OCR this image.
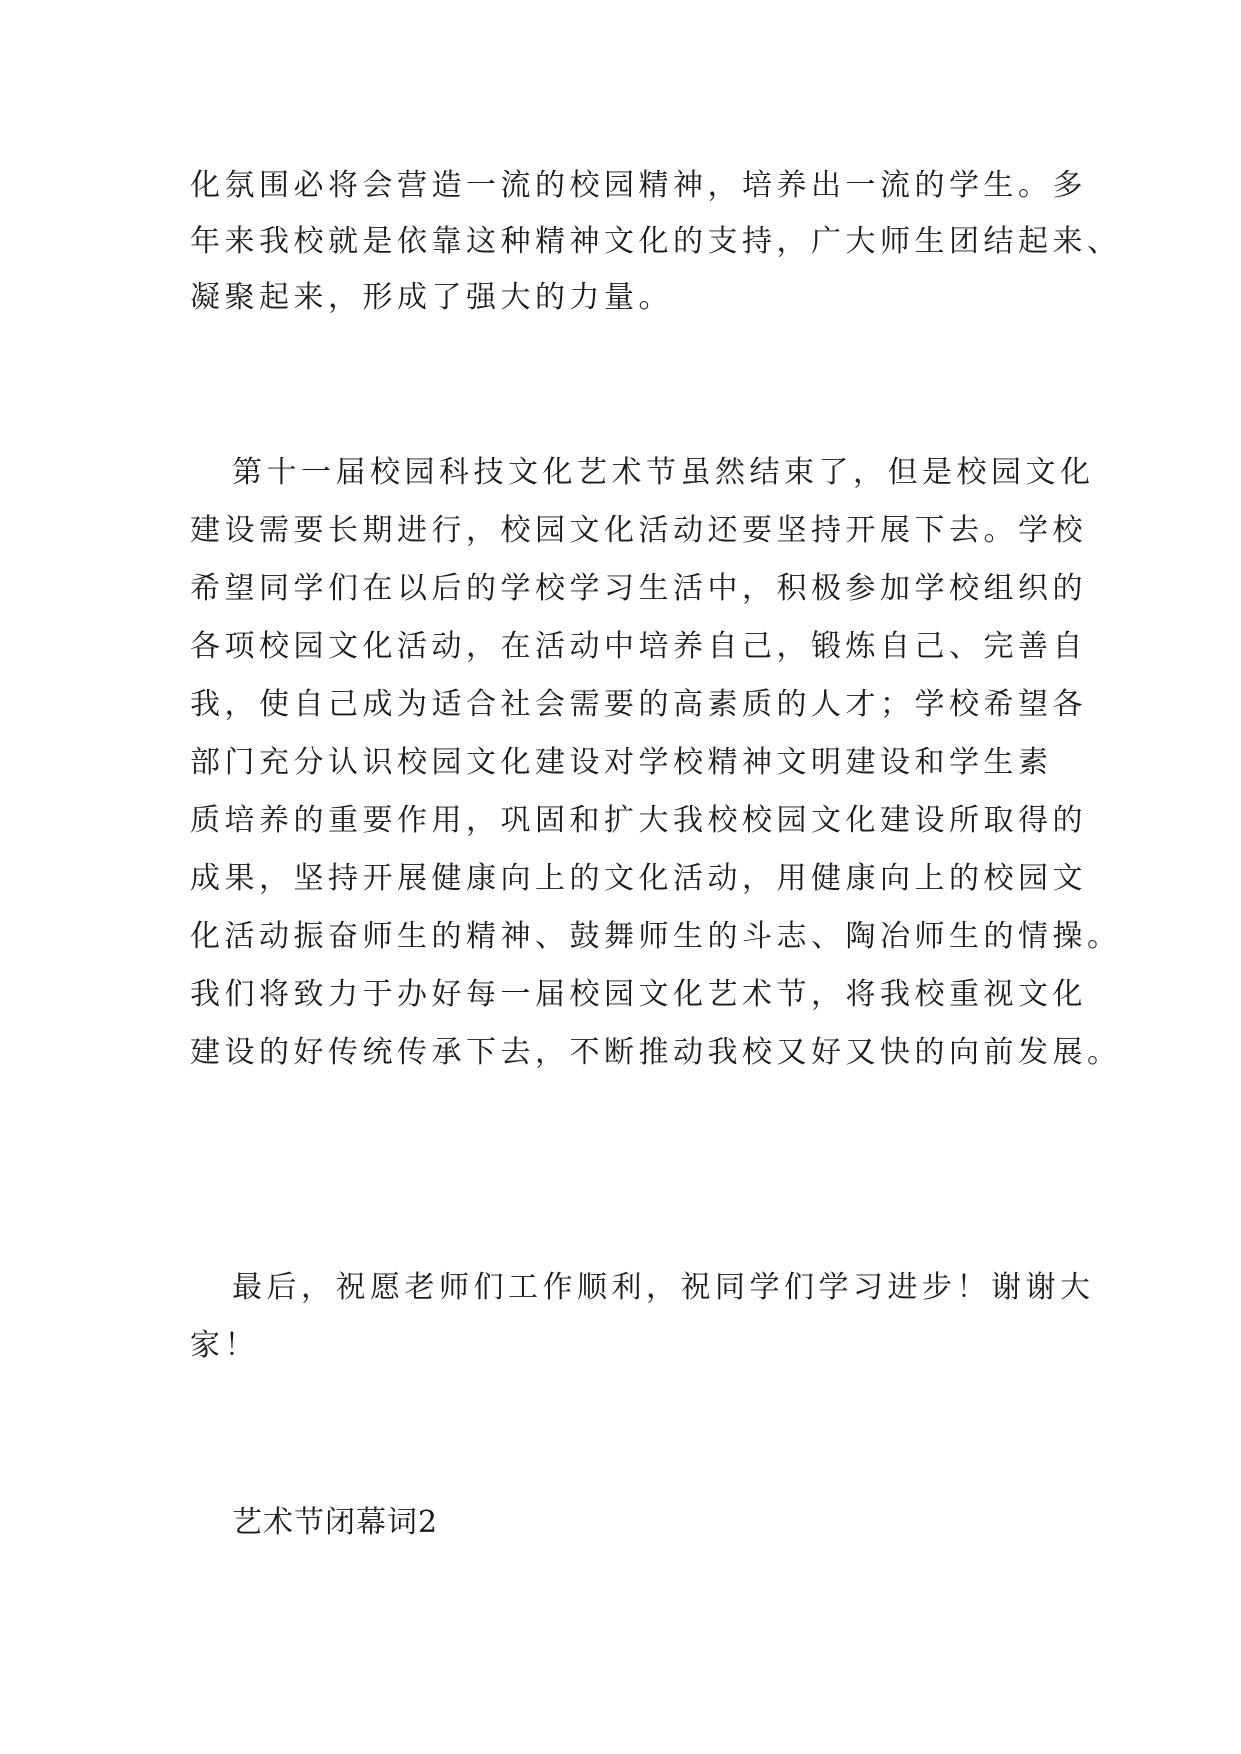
化氛围必将会营造一流的校园精神，培养出一流的学生。多
年来我校就是依靠这种精神文化的支持，广大师生团结起来、
凝聚起来，形成了强大的力量。
第十一届校园科技文化艺术节虽然结束了，但是校园文化
建设需要长期进行，校园文化活动还要坚持开展下去。学校
希望同学们在以后的学校学习生活中，积极参加学校组织的
各项校园文化活动，在活动中培养自己，锻炼自己、完善自
我，使自己成为适合社会需要的高素质的人才；学校希望各
部门充分认识校园文化建设对学校精神文明建设和学生素
质培养的重要作用，巩固和扩大我校校园文化建设所取得的
成果，坚持开展健康向上的文化活动，用健康向上的校园文
化活动振奋师生的精神、鼓舞师生的斗志、陶冶师生的情操。
我们将致力于办好每一届校园文化艺术节，将我校重视文化
建设的好传统传承下去，不断推动我校又好又快的向前发展。
最后，祝愿老师们工作顺利，祝同学们学习进步！谢谢大
家！
艺术节闭幕词2
